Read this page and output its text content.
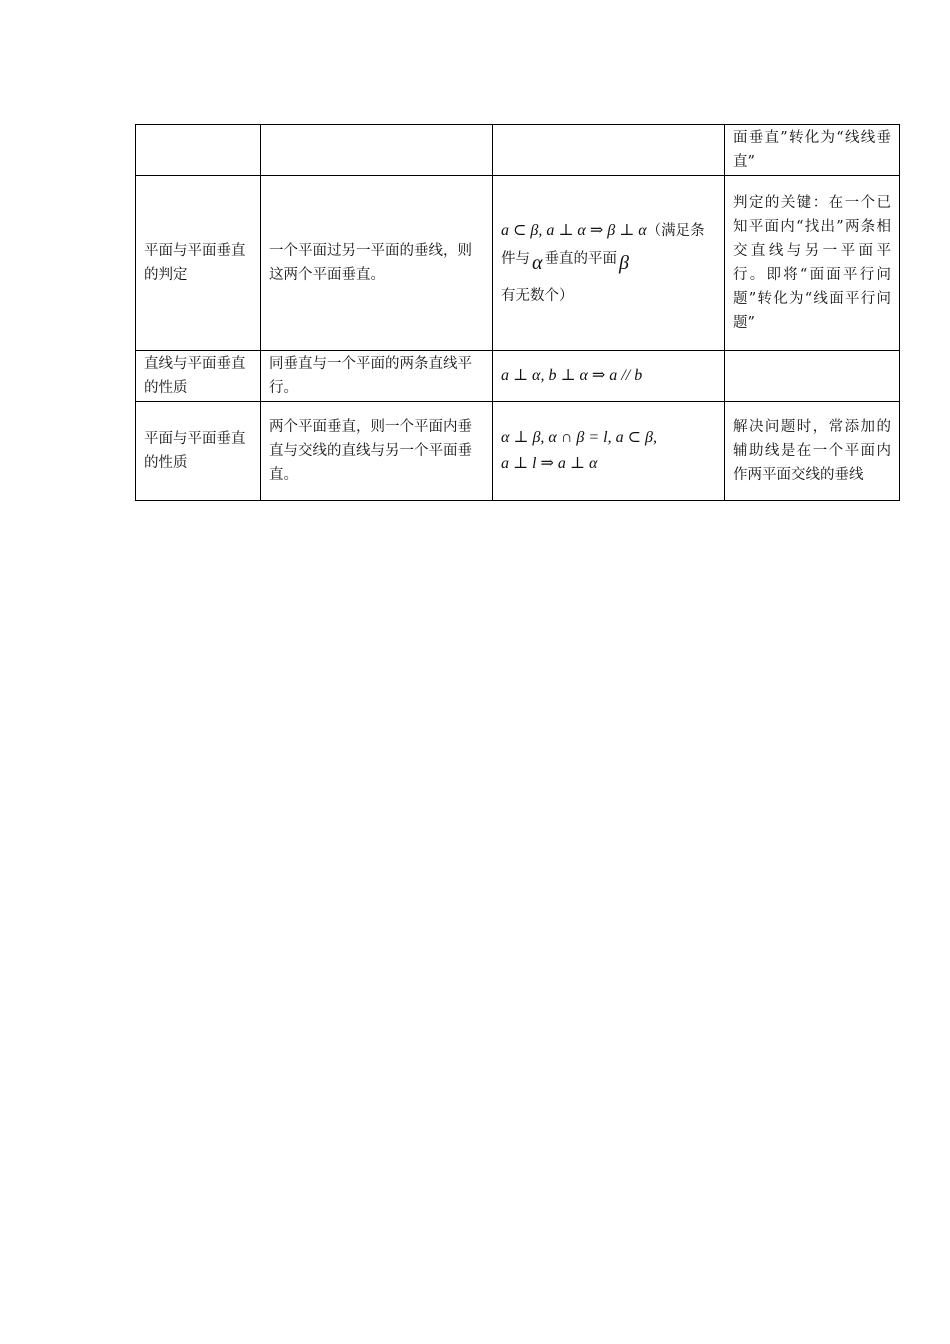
			面垂直”转化为“线线垂直”
平面与平面垂直的判定	一个平面过另一平面的垂线，则这两个平面垂直。	a ⊂ β, a ⊥ α ⇒ β ⊥ α（满足条件与 α 垂直的平面 β
有无数个）	判定的关键：在一个已知平面内“找出”两条相交直线与另一平面平行。即将“面面平行问题”转化为“线面平行问题”
直线与平面垂直的性质	同垂直与一个平面的两条直线平行。	a ⊥ α, b ⊥ α ⇒ a // b	
平面与平面垂直的性质	两个平面垂直，则一个平面内垂直与交线的直线与另一个平面垂直。	α ⊥ β, α ∩ β = l, a ⊂ β,
a ⊥ l ⇒ a ⊥ α	解决问题时，常添加的辅助线是在一个平面内作两平面交线的垂线
